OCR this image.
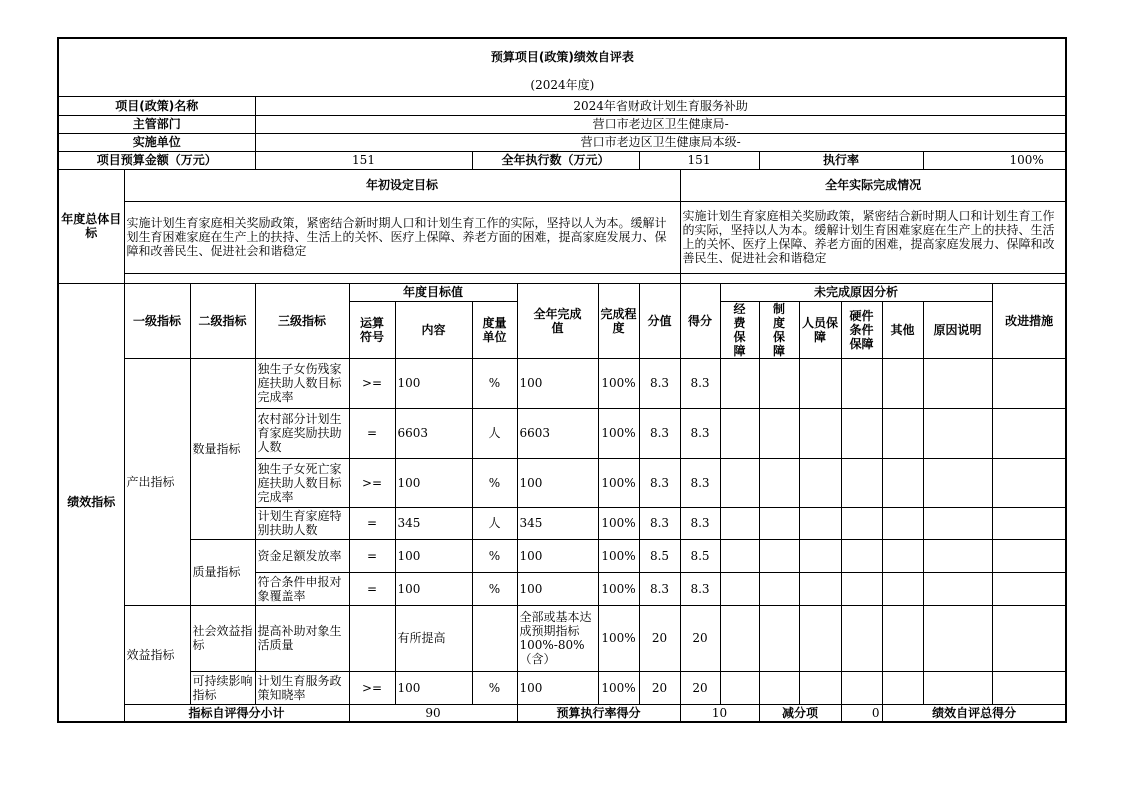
预算项目(政策)绩效自评表																		
(2024年度)																		
项目(政策)名称			2024年省财政计划生育服务补助															
主管部门			营口市老边区卫生健康局-															
实施单位			营口市老边区卫生健康局本级-															
项目预算金额（万元）			151			全年执行数（万元）			151			执行率				100%		
年度总体目标	年初设定目标									全年实际完成情况								
	实施计划生育家庭相关奖励政策，紧密结合新时期人口和计划生育工作的实际，坚持以人为本。缓解计划生育困难家庭在生产上的扶持、生活上的关怀、医疗上保障、养老方面的困难，提高家庭发展力、保障和改善民生、促进社会和谐稳定									实施计划生育家庭相关奖励政策，紧密结合新时期人口和计划生育工作的实际，坚持以人为本。缓解计划生育困难家庭在生产上的扶持、生活上的关怀、医疗上保障、养老方面的困难，提高家庭发展力、保障和改善民生、促进社会和谐稳定								

绩效指标	一级指标	二级指标	三级指标	年度目标值			全年完成值	完成程度	分值	得分	未完成原因分析						改进措施	
				运算符号	内容	度量单位					经费保障	制度保障	人员保障	硬件条件保障	其他	原因说明		
	产出指标	数量指标	独生子女伤残家庭扶助人数目标完成率	>=	100	%	100	100%	8.3	8.3								
			农村部分计划生育家庭奖励扶助人数	=	6603	人	6603	100%	8.3	8.3								
			独生子女死亡家庭扶助人数目标完成率	>=	100	%	100	100%	8.3	8.3								
			计划生育家庭特别扶助人数	=	345	人	345	100%	8.3	8.3								
		质量指标	资金足额发放率	=	100	%	100	100%	8.5	8.5								
			符合条件申报对象覆盖率	=	100	%	100	100%	8.3	8.3								
	效益指标	社会效益指标	提高补助对象生活质量		有所提高		全部或基本达成预期指标100%-80%（含）	100%	20	20								
		可持续影响指标	计划生育服务政策知晓率	>=	100	%	100	100%	20	20								
	指标自评得分小计			90			预算执行率得分			10		减分项		0	绩效自评总得分	
